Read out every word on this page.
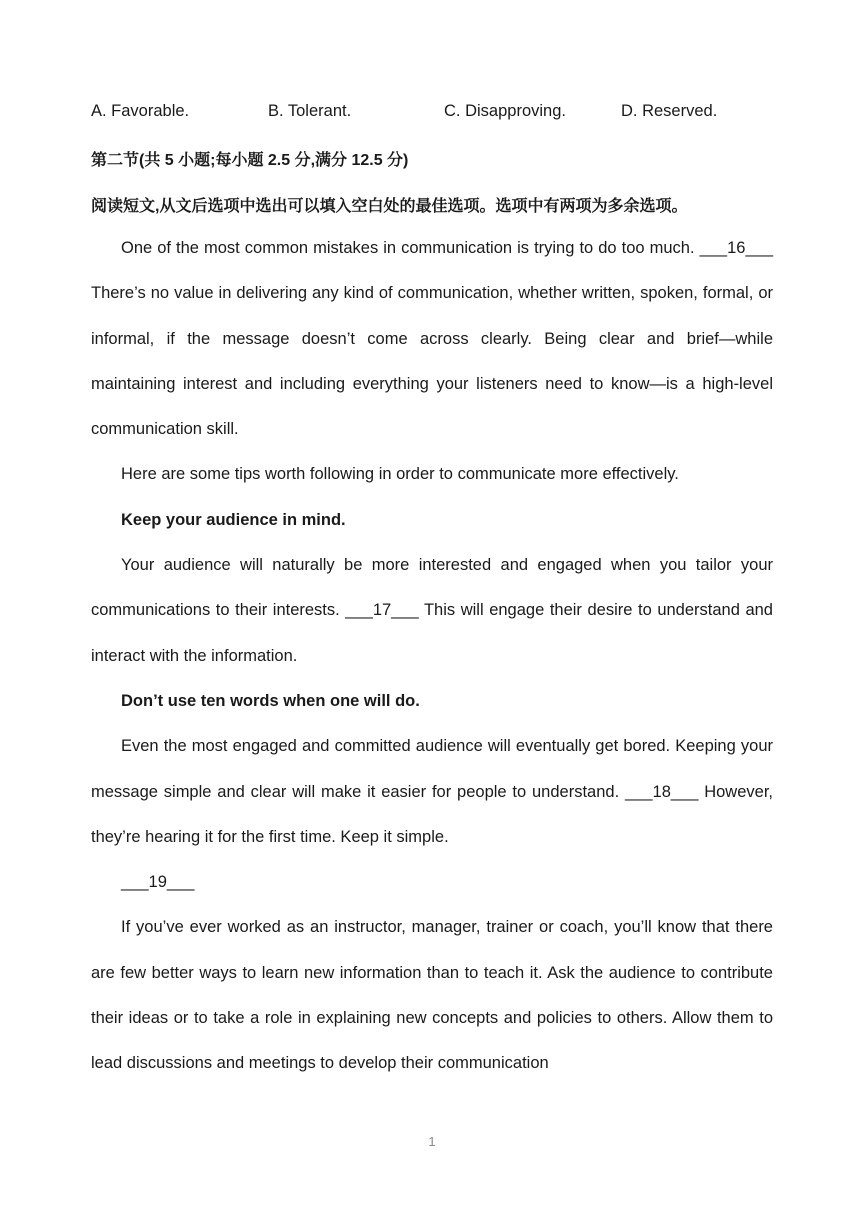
A. Favorable.	B. Tolerant.	C. Disapproving.	D. Reserved.
第二节(共 5 小题;每小题 2.5 分,满分 12.5 分)
阅读短文,从文后选项中选出可以填入空白处的最佳选项。选项中有两项为多余选项。

One of the most common mistakes in communication is trying to do too much. ___16___ There’s no value in delivering any kind of communication, whether written, spoken, formal, or informal, if the message doesn’t come across clearly. Being clear and brief—while maintaining interest and including everything your listeners need to know—is a high-level communication skill.

Here are some tips worth following in order to communicate more effectively.

Keep your audience in mind.

Your audience will naturally be more interested and engaged when you tailor your communications to their interests. ___17___ This will engage their desire to understand and interact with the information.

Don’t use ten words when one will do.

Even the most engaged and committed audience will eventually get bored. Keeping your message simple and clear will make it easier for people to understand. ___18___ However, they’re hearing it for the first time. Keep it simple.

___19___

If you’ve ever worked as an instructor, manager, trainer or coach, you’ll know that there are few better ways to learn new information than to teach it. Ask the audience to contribute their ideas or to take a role in explaining new concepts and policies to others. Allow them to lead discussions and meetings to develop their communication

1
